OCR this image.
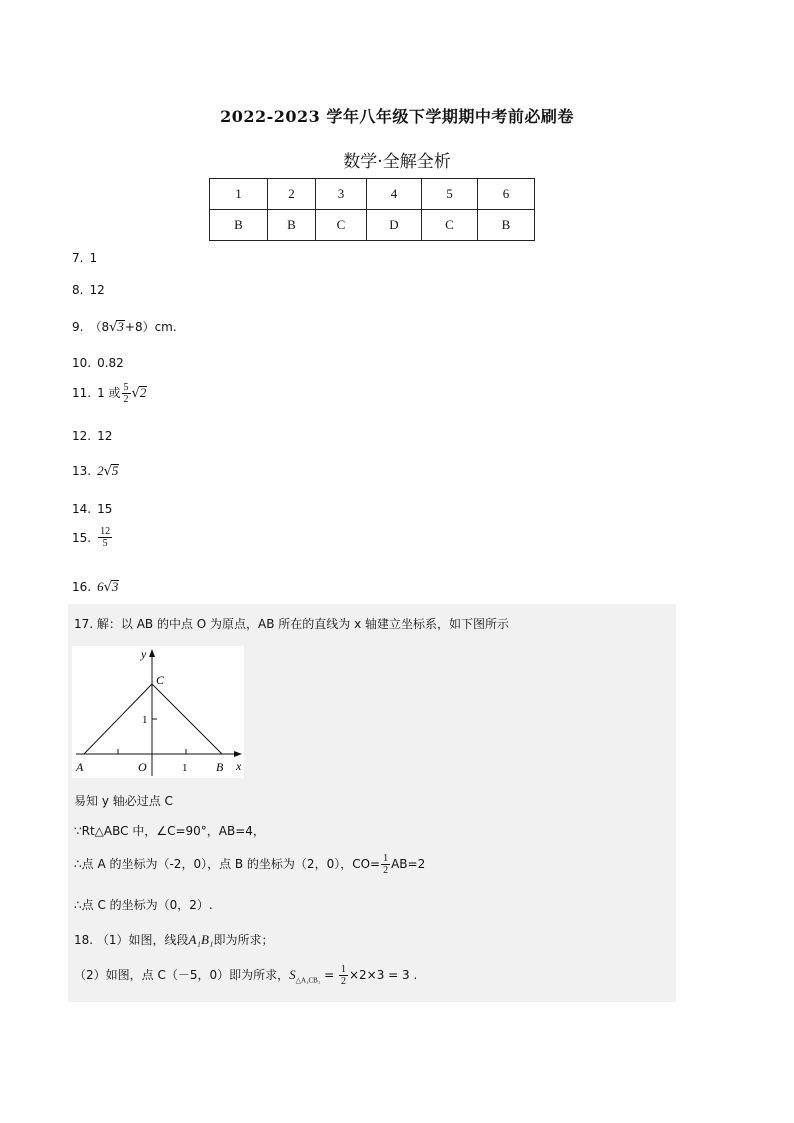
2022-2023 学年八年级下学期期中考前必刷卷
数学·全解全析
1	2	3	4	5	6
B	B	C	D	C	B
7. 1
8. 12
9. （8√3+8）cm.
10. 0.82
11. 1 或 $\frac{5}{2} √2$
12. 12
13. 2√5
14. 15
15. $\frac{12}{5}$
16. 6√3
17. 解：以 AB 的中点 O 为原点，AB 所在的直线为 x 轴建立坐标系，如下图所示
y
x
C
A	O	B
1
1
易知 y 轴必过点 C
∵Rt△ABC 中，∠C=90°，AB=4，
∴点 A 的坐标为（-2，0），点 B 的坐标为（2，0），$CO= \frac{1}{2} AB=2$
∴点 C 的坐标为（0，2）.
18. （1）如图，线段A₁B₁即为所求；
（2）如图，点 C（－5，0）即为所求，$S_{\triangle A_1CB_1} = \frac{1}{2} \times 2\times 3 = 3$ .
